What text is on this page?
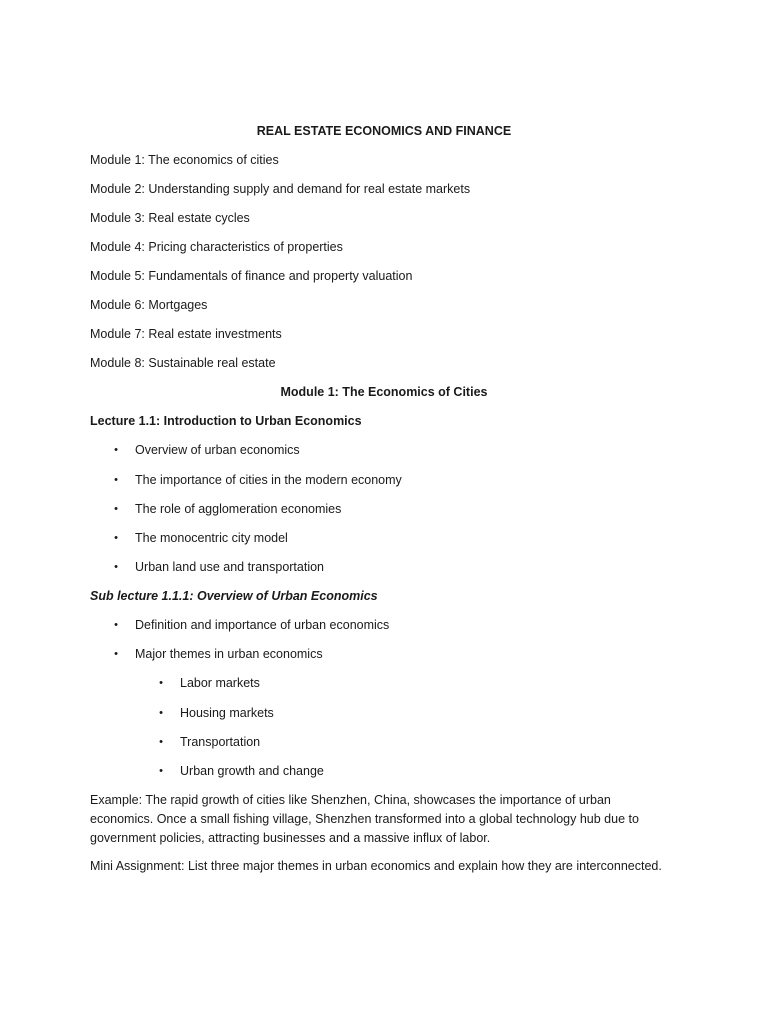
REAL ESTATE ECONOMICS AND FINANCE
Module 1: The economics of cities
Module 2: Understanding supply and demand for real estate markets
Module 3: Real estate cycles
Module 4: Pricing characteristics of properties
Module 5: Fundamentals of finance and property valuation
Module 6: Mortgages
Module 7: Real estate investments
Module 8: Sustainable real estate
Module 1: The Economics of Cities
Lecture 1.1: Introduction to Urban Economics
• Overview of urban economics
• The importance of cities in the modern economy
• The role of agglomeration economies
• The monocentric city model
• Urban land use and transportation
Sub lecture 1.1.1: Overview of Urban Economics
• Definition and importance of urban economics
• Major themes in urban economics
• Labor markets
• Housing markets
• Transportation
• Urban growth and change
Example: The rapid growth of cities like Shenzhen, China, showcases the importance of urban
economics. Once a small fishing village, Shenzhen transformed into a global technology hub due to
government policies, attracting businesses and a massive influx of labor.
Mini Assignment: List three major themes in urban economics and explain how they are interconnected.
